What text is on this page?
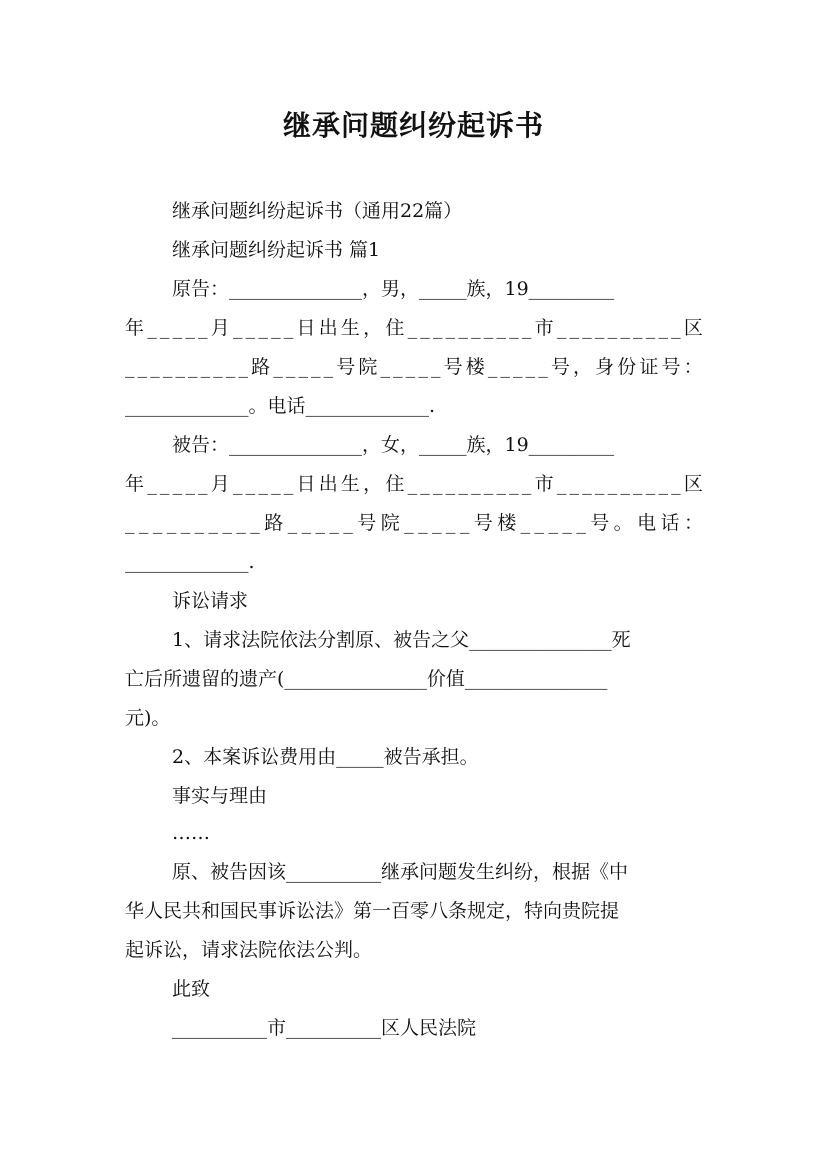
继承问题纠纷起诉书
继承问题纠纷起诉书（通用22篇）
继承问题纠纷起诉书 篇1
原告：______________，男，_____族，19_________
年 _ _ _ _ _ 月 _ _ _ _ _ 日 出 生 ， 住 _ _ _ _ _ _ _ _ _ _ 市 _ _ _ _ _ _ _ _ _ _ 区
_ _ _ _ _ _ _ _ _ _ 路 _ _ _ _ _ 号 院 _ _ _ _ _ 号 楼 _ _ _ _ _ 号 ， 身 份 证 号 ：
_____________。电话_____________.
被告：______________，女，_____族，19_________
年 _ _ _ _ _ 月 _ _ _ _ _ 日 出 生 ， 住 _ _ _ _ _ _ _ _ _ _ 市 _ _ _ _ _ _ _ _ _ _ 区
_ _ _ _ _ _ _ _ _ _ 路 _ _ _ _ _ 号 院 _ _ _ _ _ 号 楼 _ _ _ _ _ 号 。 电 话 ：
_____________.
诉讼请求
1、请求法院依法分割原、被告之父_______________死
亡后所遗留的遗产(_______________价值_______________
元)。
2、本案诉讼费用由_____被告承担。
事实与理由
……
原、被告因该__________继承问题发生纠纷，根据《中
华人民共和国民事诉讼法》第一百零八条规定，特向贵院提
起诉讼，请求法院依法公判。
此致
__________市__________区人民法院
